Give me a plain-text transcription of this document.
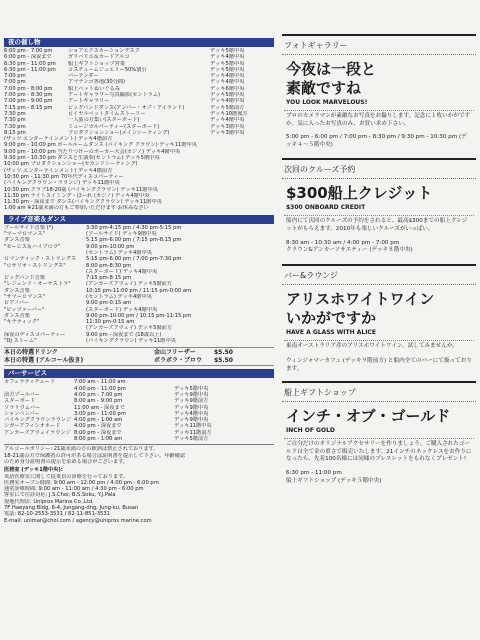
夜の催し物
6:00 pm - 7:00 pm	ショアエクスカーションデスク	デッキ5階中央
6:00 pm - 深夜まで	ガリバリエ＆カードアルコ	デッキ4階中央
6:30 pm - 11:00 pm	船上ギフトショップ営業	デッキ5階中央
6:30 pm - 11:00 pm	コスチュームジュエリー50%割引	デッキ5階中央
7:00 pm	バーテンダー	デッキ4階中央
7:00 pm	アマナンゴ各地(30分間)	デッキ4階中央
7:00 pm - 8:00 pm	船上ペットぬいぐるみ	デッキ6階中央
7:00 pm - 8:30 pm	アートギャラリー写真撮影(セントラム)	デッキ5階中央
7:00 pm - 9:00 pm	アートギャラリー	デッキ4階中央
7:15 pm - 8:15 pm	ビッグバンドダンス(アンバー・オブ・アイランド)	デッキ5階前方
7:30 pm	ロイヤルベットタイムストーリー	デッキ10階後方
7:30 pm	一人旅の方集い(スターボード)	デッキ4階中央
7:30 pm	ミュージカルパーティー(スターボード)	デッキ3階中央
8:15 pm	プロダクションショー(メインシーティング)	デッキ3階中央
(ザッツ エンターテインメント) デッキ4階前方
9:00 pm - 10:00 pm ボールルームダンス (バイキング クラウン) デッキ11階中央
9:00 pm - 10:00 pm 当たりつけーのポーカー大会(カジノ) デッキ4階中央
9:30 pm - 10:30 pm ダンスと生演奏(セントラム) デッキ5階中央
10:00 pm プロダクションショー(セカンドシーティング)
(ザッツ エンターテインメント) デッキ4階前方
10:30 pm - 11:30 pm 70年代ディスコパーティー
(バイキングクラウン・ラウンジ) デッキ11階中央
10:30 pm クラブ18-20歳 (バイキングクラウン) デッキ11階中央
11:30 pm ナイトスイミング・ぼーれ (カジノ) デッキ4階中央
11:30 pm - 深夜まで ダンス(バイキングクラウン) デッキ11階中央
1:00 am ※21歳未満の方もご参加いただけます お休みなさい
ライブ音楽＆ダンス
プールサイド音楽 (*)	3:30 pm-4:15 pm / 4:30 pm-5:15 pm
"マーマロマンス"	(プールサイド) デッキ9階中央
ダンス音楽	5:15 pm-6:00 pm / 7:15 pm-8:15 pm
"モービス＆ハイブロウ"	9:00 pm-10:00 pm
(セントラム) デッキ4階中央
ロマンティック・ストリングス	5:15 pm-6:00 pm / 7:00 pm-7:30 pm
"ロサリオ・ストリングス"	8:00 pm-8:30 pm
(スターボード) デッキ4階中央
ビッグバンド音楽	7:15 pm-8:15 pm
"レジェンド・オーケストラ"	(アンカーズアウェイ) デッキ5階前方
ダンス音楽	10:15 pm-11:00 pm / 11:15 pm-0:00 am
"サマーロマンス"	(セントラム) デッキ4階中央
ピアノバー	9:00 pm-0:15 am
"ピッツァーバー"	(スターボード) デッキ4階中央
ダンス音楽	9:00 pm-10:00 pm / 10:15 pm-11:15 pm
"キナティック"	11:30 pm-0:15 am
(アンカーズアウェイ) デッキ5階前方
深夜のディスコパーティー	9:00 pm - 深夜まで (18歳以上)
"DJ ストーム"	(バイキングクラウン) デッキ11階中央
本日の特選ドリンク	金山フリーザー	$5.50
本日の特選 (アルコール抜き)	ボラボラ・ブロウ	$5.50
バーサービス
カフェラティチュード	7:00 am - 11:00 am
4:00 pm - 11:00 pm	デッキ5階中央
前方プールバー	4:00 pm - 7:00 pm	デッキ9階中央
スターボード	8:00 am - 9:00 pm	デッキ9階前方
ソラリウムバー	11:00 am - 深夜まで	デッキ9階中央
シャンペンバー	3:00 pm - 11:00 pm	デッキ4階中央
バイキングクラウンラウンジ 4:00 pm - 1:00 am	デッキ9階中央
シガーアフィシオネード	4:00 pm - 深夜まで	デッキ11階中央
アンカーズアウェイラウンジ 8:00 pm - 深夜まで	デッキ11階前方
8:00 pm - 1:00 am	デッキ5階前方
アルコールポリシー: 21歳未満の方の飲酒は禁止されております。
18-21歳の方で保護者の許可がある場合は証明書を提示して下さい。年齢確認
のため身分証明書の提示を求める場合がございます。
医務室 (デッキ1階中央):
英語医療室に関して従業員の診療を行っております。
医務室オープン時間: 9:00 am - 12:00 pm / 4:00 pm - 6:00 pm
通常診療時間: 9:00 am - 11:00 am / 4:30 pm - 6:00 pm
客室にて往診対応: J.S.Choi, B.S.Soku, Y.J.Pala
現地代理店: Unipros Marine Co.,Ltd.
7F Haeyang Bldg, 6-4, Jungang-dng, Jung-ku, Busan
電話: 82-10-2553-3531 / 82-11-851-3531
E-mail: unimar@chol.com / agency@unipros marine.com
フォトギャラリー
今夜は一段と
素敵ですね
YOU LOOK MARVELOUS!
プロのカメラマンが素敵なお写真をお撮りします。記念に１枚いかがですか。気に入ったお写真のみ、お買い求め下さい。
5:00 pm - 6:00 pm / 7:00 pm - 8:30 pm / 9:30 pm - 10:30 pm (デッキ４～５階中央)
次回のクルーズ予約
$300船上クレジット
$300 ONBOARD CREDIT
船内にて次回のクルーズの予約をされると、最高$300までの船上クレジットがもらえます。2010年も楽しいクルーズがいっぱい。
8:30 am - 10:30 am / 4:00 pm - 7:00 pm
クラウン&アンカーソサエティー (デッキ８階中央)
バー&ラウンジ
アリスホワイトワイン
いかがですか
HAVE A GLASS WITH ALICE
東南オーストラリア産のアリスホワイトワイン。試してみませんか。

ウィンジャマーカフェ (デッキ９階前方) と船内全てのバーにて扱っております。
船上ギフトショップ
インチ・オブ・ゴールド
INCH OF GOLD
ご自分だけのオリジナルアクセサリーを作りましょう。ご購入されたゴールドは全て金の重さで販売いたします。21インチのネックレスをお作りになったら、先着100名様には同様のブレスレットをもれなくプレゼント!
6:30 pm - 11:00 pm
船上ギフトショップ (デッキ５階中央)
